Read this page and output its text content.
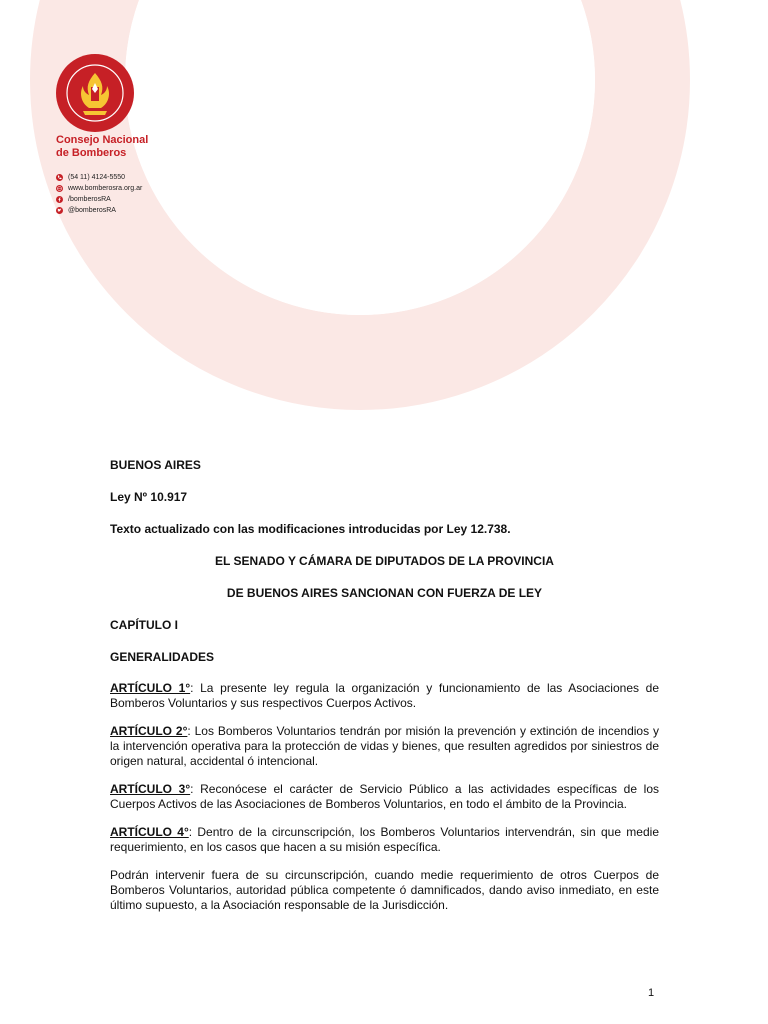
Consejo Nacional
de Bomberos
(54 11) 4124-5550
www.bomberosra.org.ar
/bomberosRA
@bomberosRA

BUENOS AIRES

Ley Nº 10.917

Texto actualizado con las modificaciones introducidas por Ley 12.738.

EL SENADO Y CÁMARA DE DIPUTADOS DE LA PROVINCIA

DE BUENOS AIRES SANCIONAN CON FUERZA DE LEY

CAPÍTULO I

GENERALIDADES

ARTÍCULO 1°: La presente ley regula la organización y funcionamiento de las Asociaciones de Bomberos Voluntarios y sus respectivos Cuerpos Activos.

ARTÍCULO 2°: Los Bomberos Voluntarios tendrán por misión la prevención y extinción de incendios y la intervención operativa para la protección de vidas y bienes, que resulten agredidos por siniestros de origen natural, accidental ó intencional.

ARTÍCULO 3°: Reconócese el carácter de Servicio Público a las actividades específicas de los Cuerpos Activos de las Asociaciones de Bomberos Voluntarios, en todo el ámbito de la Provincia.

ARTÍCULO 4°: Dentro de la circunscripción, los Bomberos Voluntarios intervendrán, sin que medie requerimiento, en los casos que hacen a su misión específica.

Podrán intervenir fuera de su circunscripción, cuando medie requerimiento de otros Cuerpos de Bomberos Voluntarios, autoridad pública competente ó damnificados, dando aviso inmediato, en este último supuesto, a la Asociación responsable de la Jurisdicción.

1
